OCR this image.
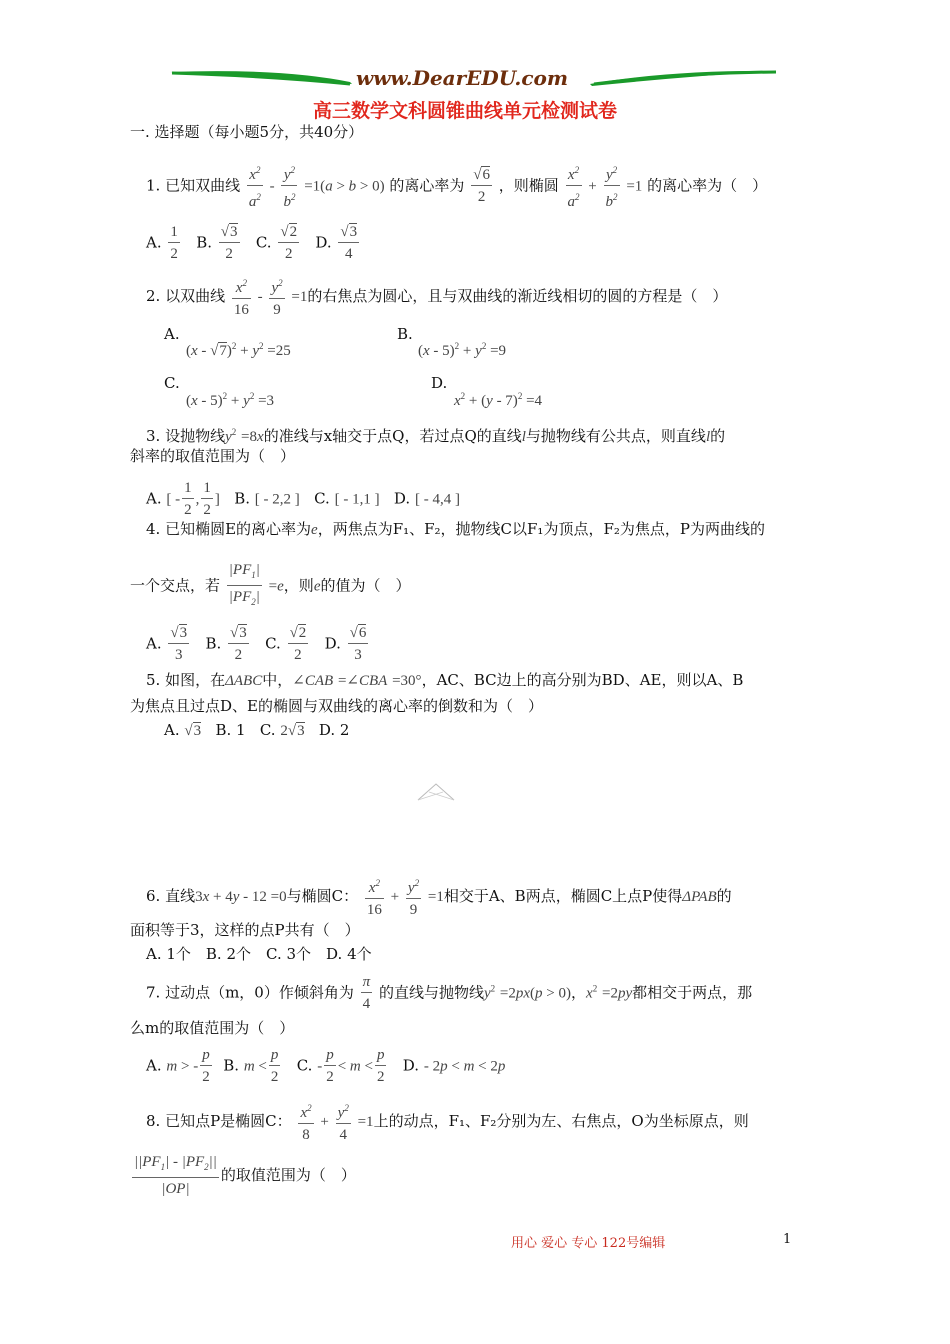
www.DearEDU.com
高三数学文科圆锥曲线单元检测试卷
一. 选择题（每小题5分，共40分）
1. 已知双曲线 $\frac{x^2}{a^2} - \frac{y^2}{b^2} =1(a > b > 0)$ 的离心率为 $\frac{√6}{2}$ ，则椭圆 $\frac{x^2}{a^2} + \frac{y^2}{b^2} =1$ 的离心率为（　）
A. $\frac{1}{2} B$. $\frac{√3}{2} C$. $\frac{√2}{2} D$. $\frac{√3}{4}$
2. 以双曲线 $\frac{x^2}{16} - \frac{y^2}{9} =1$的右焦点为圆心，且与双曲线的渐近线相切的圆的方程是（　）
A.
$(x - √7)^2 + y^2 =25$
B.
$(x - 5)^2 + y^2 =9$
C.
$(x - 5)^2 + y^2 =3$
D.
$x^2 + (y - 7)^2 =4$
3. 设抛物线$y^2 =8x$的准线与x轴交于点Q，若过点Q的直线l与抛物线有公共点，则直线l的
斜率的取值范围为（　）
A. [ - $\frac{1}{2}$ , $\frac{1}{2}$ ] B. [ - 2,2 ] C. [ - 1,1 ] D. [ - 4,4 ]
4. 已知椭圆E的离心率为e，两焦点为F₁、F₂，抛物线C以F₁为顶点，F₂为焦点，P为两曲线的
一个交点，若 $\frac{|PF_1|}{|PF_2|} =e$，则e的值为（　）
A. $\frac{√3}{3} B$. $\frac{√3}{2} C$. $\frac{√2}{2} D$. $\frac{√6}{3}$
5. 如图，在ΔABC中，∠CAB =∠CBA =30°，AC、BC边上的高分别为BD、AE，则以A、B
为焦点且过点D、E的椭圆与双曲线的离心率的倒数和为（　）
A. √3 B. 1 C. 2√3 D. 2
6. 直线3x + 4y - 12 =0与椭圆C： $\frac{x^2}{16} + \frac{y^2}{9} =1$相交于A、B两点，椭圆C上点P使得ΔPAB的
面积等于3，这样的点P共有（　）
A. 1个　B. 2个　C. 3个　D. 4个
7. 过动点（m，0）作倾斜角为 $\frac{\pi}{4}$ 的直线与抛物线$y^2 =2px(p > 0)$，$x^2 =2py$都相交于两点，那
么m的取值范围为（　）
A. m > - $\frac{p}{2} B$. $m < \frac{p}{2} C$. - $\frac{p}{2} < m < \frac{p}{2} D$. - 2p < m < 2p
8. 已知点P是椭圆C： $\frac{x^2}{8} + \frac{y^2}{4} =1$上的动点，F₁、F₂分别为左、右焦点，O为坐标原点，则
$\frac{||PF_1| - |PF_2||}{|OP|}$ 的取值范围为（　）
用心 爱心 专心 122号编辑	1
